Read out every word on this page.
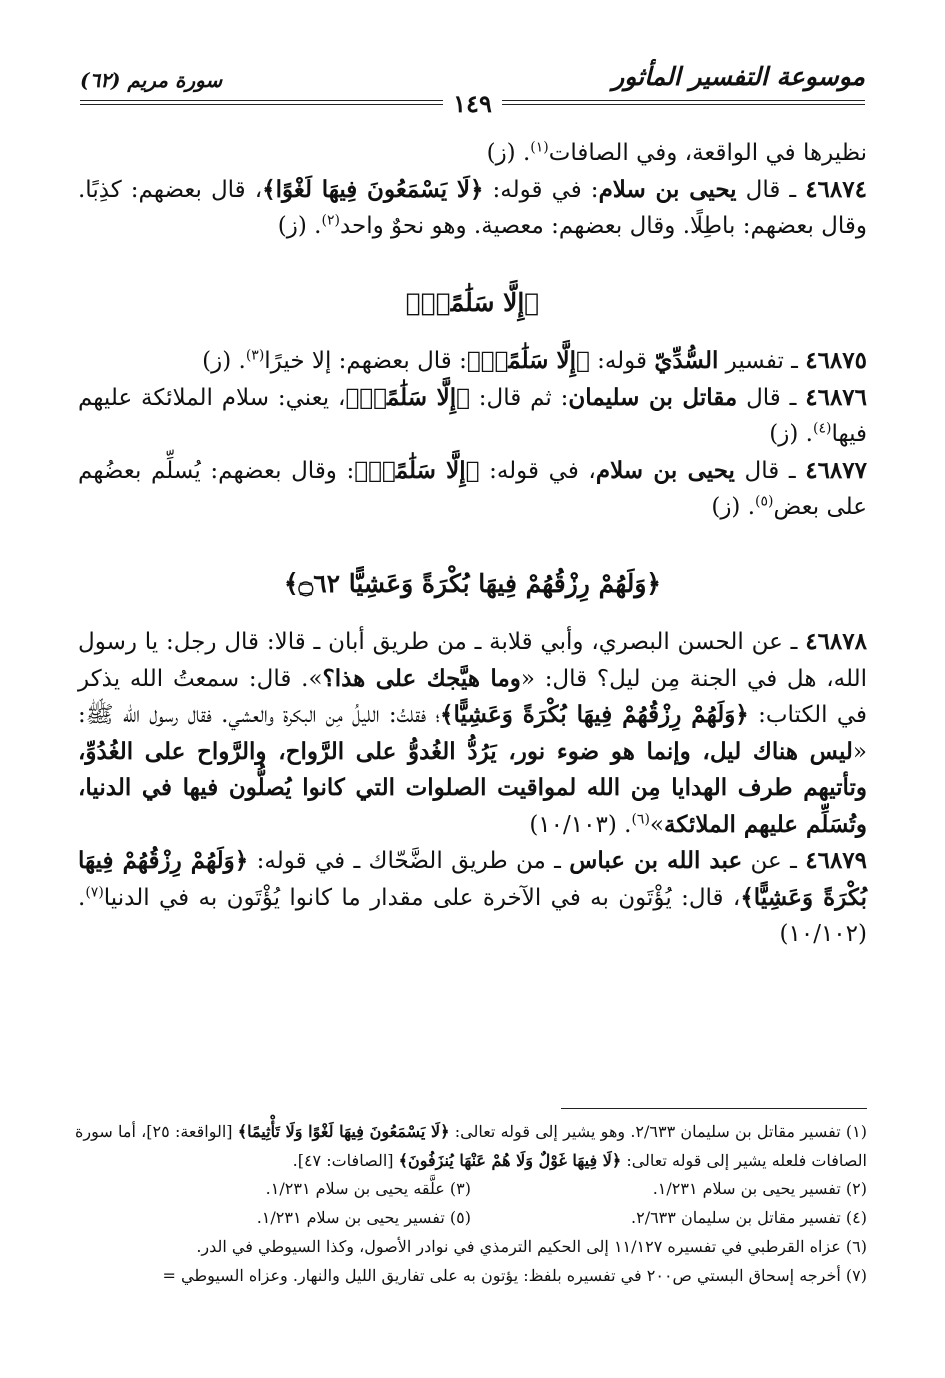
موسوعة التفسير المأثور
سورة مريم (٦٢)
١٤٩

نظيرها في الواقعة، وفي الصافات$^{(١)}$. (ز)

٤٦٨٧٤ ـ قال يحيى بن سلام: في قوله: ﴿لَا يَسْمَعُونَ فِيهَا لَغْوًا﴾، قال بعضهم: كذِبًا. وقال بعضهم: باطِلًا. وقال بعضهم: معصية. وهو نحوٌ واحد$^{(٢)}$. (ز)

﴿إِلَّا سَلَٰمًاۖ﴾

٤٦٨٧٥ ـ تفسير السُّدِّيّ قوله: ﴿إِلَّا سَلَٰمًاۖ﴾: قال بعضهم: إلا خيرًا$^{(٣)}$. (ز)

٤٦٨٧٦ ـ قال مقاتل بن سليمان: ثم قال: ﴿إِلَّا سَلَٰمًاۖ﴾، يعني: سلام الملائكة عليهم فيها$^{(٤)}$. (ز)

٤٦٨٧٧ ـ قال يحيى بن سلام، في قوله: ﴿إِلَّا سَلَٰمًاۖ﴾: وقال بعضهم: يُسلِّم بعضُهم على بعض$^{(٥)}$. (ز)

﴿وَلَهُمْ رِزْقُهُمْ فِيهَا بُكْرَةً وَعَشِيًّا ۝٦٢﴾

٤٦٨٧٨ ـ عن الحسن البصري، وأبي قلابة ـ من طريق أبان ـ قالا: قال رجل: يا رسول الله، هل في الجنة مِن ليل؟ قال: «وما هيَّجك على هذا؟». قال: سمعتُ الله يذكر في الكتاب: ﴿وَلَهُمْ رِزْقُهُمْ فِيهَا بُكْرَةً وَعَشِيًّا﴾؛ فقلتُ: الليلُ مِن البكرة والعشي. فقال رسول الله ﷺ: «ليس هناك ليل، وإنما هو ضوء نور، يَرُدُّ الغُدوُّ على الرَّواح، والرَّواح على الغُدُوِّ، وتأتيهم طرف الهدايا مِن الله لمواقيت الصلوات التي كانوا يُصلُّون فيها في الدنيا، وتُسَلِّم عليهم الملائكة»$^{(٦)}$. (١٠/١٠٣)

٤٦٨٧٩ ـ عن عبد الله بن عباس ـ من طريق الضَّحّاك ـ في قوله: ﴿وَلَهُمْ رِزْقُهُمْ فِيهَا بُكْرَةً وَعَشِيًّا﴾، قال: يُؤْتَون به في الآخرة على مقدار ما كانوا يُؤْتَون به في الدنيا$^{(٧)}$. (١٠/١٠٢)

(١) تفسير مقاتل بن سليمان ٢/٦٣٣. وهو يشير إلى قوله تعالى: ﴿لَا يَسْمَعُونَ فِيهَا لَغْوًا وَلَا تَأْثِيمًا﴾ [الواقعة: ٢٥]، أما سورة الصافات فلعله يشير إلى قوله تعالى: ﴿لَا فِيهَا غَوْلٌ وَلَا هُمْ عَنْهَا يُنزَفُونَ﴾ [الصافات: ٤٧].

(٢) تفسير يحيى بن سلام ١/٢٣١.
(٣) علَّقه يحيى بن سلام ١/٢٣١.
(٤) تفسير مقاتل بن سليمان ٢/٦٣٣.
(٥) تفسير يحيى بن سلام ١/٢٣١.

(٦) عزاه القرطبي في تفسيره ١١/١٢٧ إلى الحكيم الترمذي في نوادر الأصول، وكذا السيوطي في الدر.

(٧) أخرجه إسحاق البستي ص٢٠٠ في تفسيره بلفظ: يؤتون به على تفاريق الليل والنهار. وعزاه السيوطي =
